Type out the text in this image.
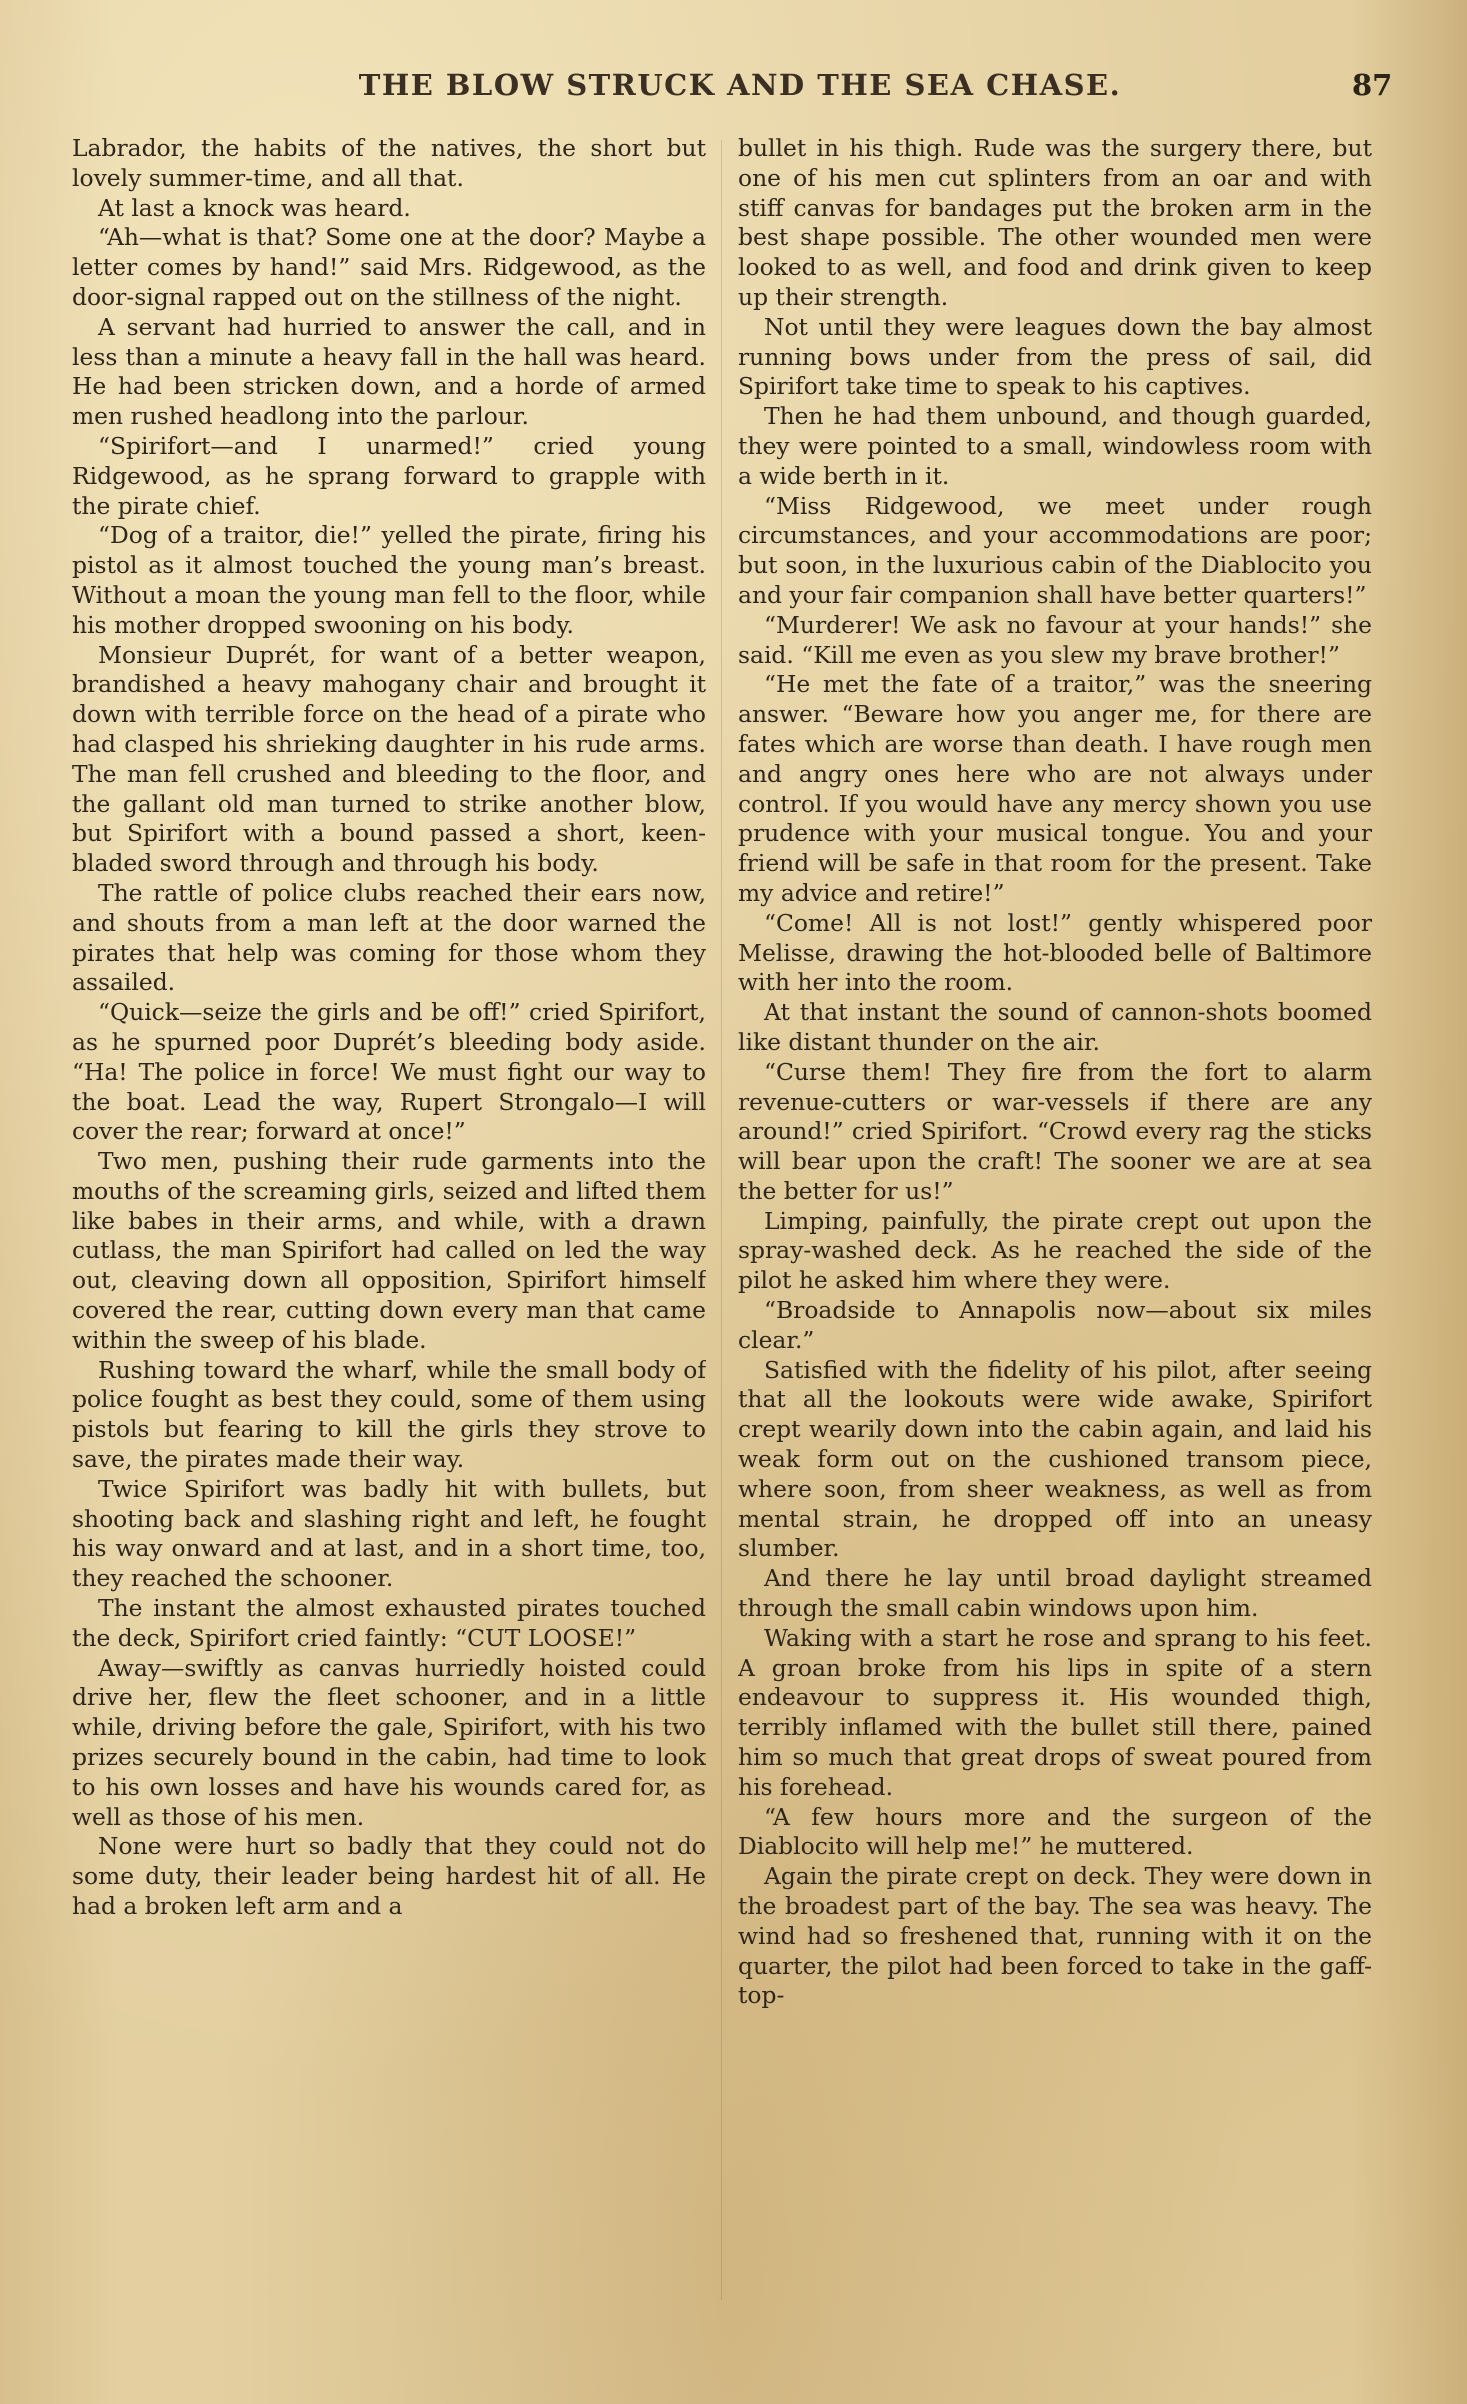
THE BLOW STRUCK AND THE SEA CHASE.	87

Labrador, the habits of the natives, the short but lovely summer-time, and all that.

At last a knock was heard.

“Ah—what is that? Some one at the door? Maybe a letter comes by hand!” said Mrs. Ridgewood, as the door-signal rapped out on the stillness of the night.

A servant had hurried to answer the call, and in less than a minute a heavy fall in the hall was heard. He had been stricken down, and a horde of armed men rushed headlong into the parlour.

“Spirifort—and I unarmed!” cried young Ridgewood, as he sprang forward to grapple with the pirate chief.

“Dog of a traitor, die!” yelled the pirate, firing his pistol as it almost touched the young man’s breast. Without a moan the young man fell to the floor, while his mother dropped swooning on his body.

Monsieur Duprét, for want of a better weapon, brandished a heavy mahogany chair and brought it down with terrible force on the head of a pirate who had clasped his shrieking daughter in his rude arms. The man fell crushed and bleeding to the floor, and the gallant old man turned to strike another blow, but Spirifort with a bound passed a short, keen-bladed sword through and through his body.

The rattle of police clubs reached their ears now, and shouts from a man left at the door warned the pirates that help was coming for those whom they assailed.

“Quick—seize the girls and be off!” cried Spirifort, as he spurned poor Duprét’s bleeding body aside. “Ha! The police in force! We must fight our way to the boat. Lead the way, Rupert Strongalo—I will cover the rear; forward at once!”

Two men, pushing their rude garments into the mouths of the screaming girls, seized and lifted them like babes in their arms, and while, with a drawn cutlass, the man Spirifort had called on led the way out, cleaving down all opposition, Spirifort himself covered the rear, cutting down every man that came within the sweep of his blade.

Rushing toward the wharf, while the small body of police fought as best they could, some of them using pistols but fearing to kill the girls they strove to save, the pirates made their way.

Twice Spirifort was badly hit with bullets, but shooting back and slashing right and left, he fought his way onward and at last, and in a short time, too, they reached the schooner.

The instant the almost exhausted pirates touched the deck, Spirifort cried faintly: “CUT LOOSE!”

Away—swiftly as canvas hurriedly hoisted could drive her, flew the fleet schooner, and in a little while, driving before the gale, Spirifort, with his two prizes securely bound in the cabin, had time to look to his own losses and have his wounds cared for, as well as those of his men.

None were hurt so badly that they could not do some duty, their leader being hardest hit of all. He had a broken left arm and a

bullet in his thigh. Rude was the surgery there, but one of his men cut splinters from an oar and with stiff canvas for bandages put the broken arm in the best shape possible. The other wounded men were looked to as well, and food and drink given to keep up their strength.

Not until they were leagues down the bay almost running bows under from the press of sail, did Spirifort take time to speak to his captives.

Then he had them unbound, and though guarded, they were pointed to a small, windowless room with a wide berth in it.

“Miss Ridgewood, we meet under rough circumstances, and your accommodations are poor; but soon, in the luxurious cabin of the Diablocito you and your fair companion shall have better quarters!”

“Murderer! We ask no favour at your hands!” she said. “Kill me even as you slew my brave brother!”

“He met the fate of a traitor,” was the sneering answer. “Beware how you anger me, for there are fates which are worse than death. I have rough men and angry ones here who are not always under control. If you would have any mercy shown you use prudence with your musical tongue. You and your friend will be safe in that room for the present. Take my advice and retire!”

“Come! All is not lost!” gently whispered poor Melisse, drawing the hot-blooded belle of Baltimore with her into the room.

At that instant the sound of cannon-shots boomed like distant thunder on the air.

“Curse them! They fire from the fort to alarm revenue-cutters or war-vessels if there are any around!” cried Spirifort. “Crowd every rag the sticks will bear upon the craft! The sooner we are at sea the better for us!”

Limping, painfully, the pirate crept out upon the spray-washed deck. As he reached the side of the pilot he asked him where they were.

“Broadside to Annapolis now—about six miles clear.”

Satisfied with the fidelity of his pilot, after seeing that all the lookouts were wide awake, Spirifort crept wearily down into the cabin again, and laid his weak form out on the cushioned transom piece, where soon, from sheer weakness, as well as from mental strain, he dropped off into an uneasy slumber.

And there he lay until broad daylight streamed through the small cabin windows upon him.

Waking with a start he rose and sprang to his feet. A groan broke from his lips in spite of a stern endeavour to suppress it. His wounded thigh, terribly inflamed with the bullet still there, pained him so much that great drops of sweat poured from his forehead.

“A few hours more and the surgeon of the Diablocito will help me!” he muttered.

Again the pirate crept on deck. They were down in the broadest part of the bay. The sea was heavy. The wind had so freshened that, running with it on the quarter, the pilot had been forced to take in the gaff-top-
